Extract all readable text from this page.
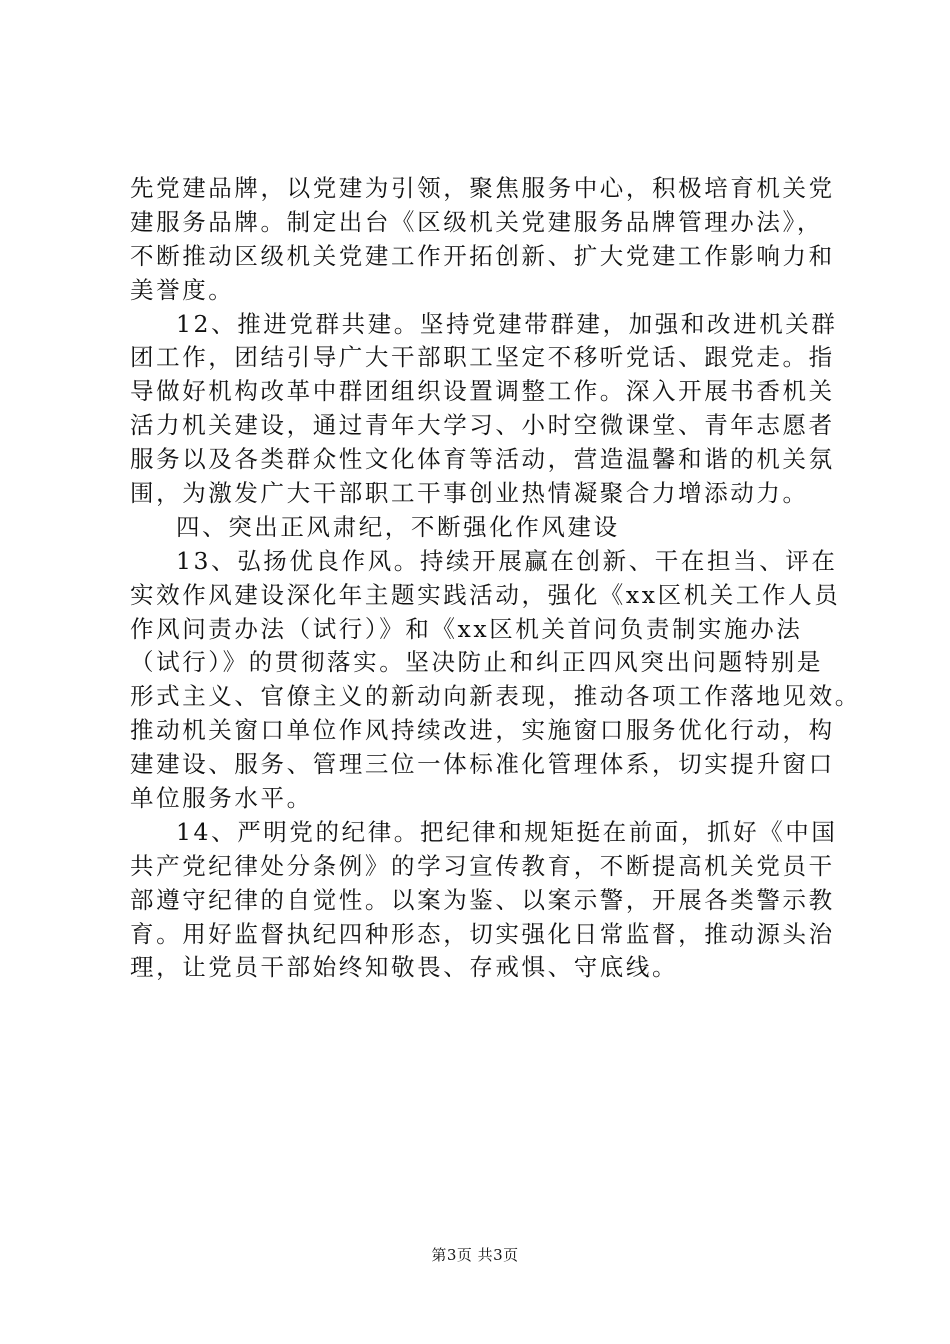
先党建品牌，以党建为引领，聚焦服务中心，积极培育机关党
建服务品牌。制定出台《区级机关党建服务品牌管理办法》，
不断推动区级机关党建工作开拓创新、扩大党建工作影响力和
美誉度。
12、推进党群共建。坚持党建带群建，加强和改进机关群
团工作，团结引导广大干部职工坚定不移听党话、跟党走。指
导做好机构改革中群团组织设置调整工作。深入开展书香机关
活力机关建设，通过青年大学习、小时空微课堂、青年志愿者
服务以及各类群众性文化体育等活动，营造温馨和谐的机关氛
围，为激发广大干部职工干事创业热情凝聚合力增添动力。
四、突出正风肃纪，不断强化作风建设
13、弘扬优良作风。持续开展赢在创新、干在担当、评在
实效作风建设深化年主题实践活动，强化《xx区机关工作人员
作风问责办法（试行）》和《xx区机关首问负责制实施办法
（试行）》的贯彻落实。坚决防止和纠正四风突出问题特别是
形式主义、官僚主义的新动向新表现，推动各项工作落地见效。
推动机关窗口单位作风持续改进，实施窗口服务优化行动，构
建建设、服务、管理三位一体标准化管理体系，切实提升窗口
单位服务水平。
14、严明党的纪律。把纪律和规矩挺在前面，抓好《中国
共产党纪律处分条例》的学习宣传教育，不断提高机关党员干
部遵守纪律的自觉性。以案为鉴、以案示警，开展各类警示教
育。用好监督执纪四种形态，切实强化日常监督，推动源头治
理，让党员干部始终知敬畏、存戒惧、守底线。
第3页 共3页
